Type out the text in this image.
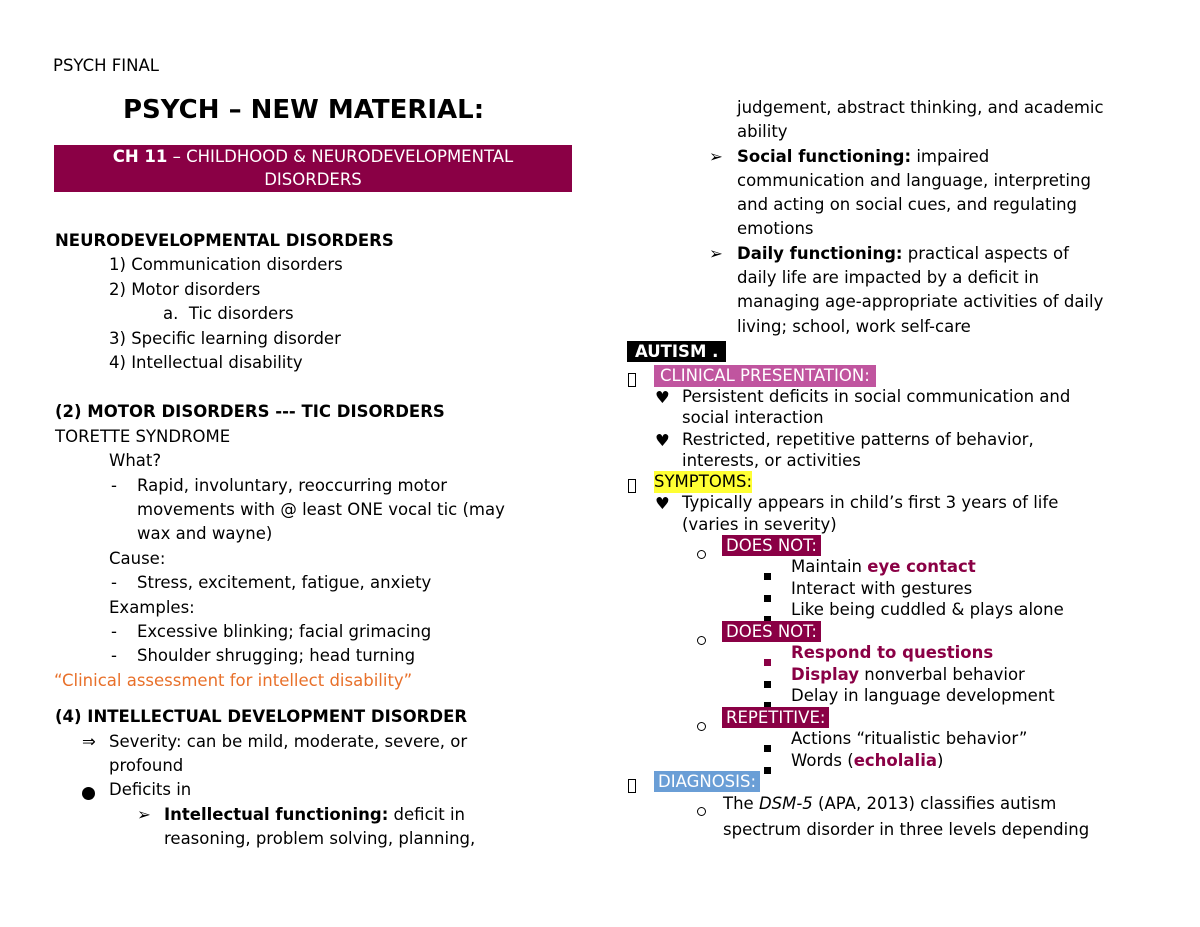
PSYCH FINAL
PSYCH – NEW MATERIAL:
CH 11 – CHILDHOOD & NEURODEVELOPMENTAL
DISORDERS
NEURODEVELOPMENTAL DISORDERS
1) Communication disorders
2) Motor disorders
a. Tic disorders
3) Specific learning disorder
4) Intellectual disability
(2) MOTOR DISORDERS --- TIC DISORDERS
TORETTE SYNDROME
What?
- Rapid, involuntary, reoccurring motor
movements with @ least ONE vocal tic (may
wax and wayne)
Cause:
- Stress, excitement, fatigue, anxiety
Examples:
- Excessive blinking; facial grimacing
- Shoulder shrugging; head turning
“Clinical assessment for intellect disability”
(4) INTELLECTUAL DEVELOPMENT DISORDER
⇒ Severity: can be mild, moderate, severe, or
profound
Deficits in
➢ Intellectual functioning: deficit in
reasoning, problem solving, planning,
judgement, abstract thinking, and academic
ability
➢ Social functioning: impaired
communication and language, interpreting
and acting on social cues, and regulating
emotions
➢ Daily functioning: practical aspects of
daily life are impacted by a deficit in
managing age-appropriate activities of daily
living; school, work self-care
AUTISM .
CLINICAL PRESENTATION:
♥ Persistent deficits in social communication and
social interaction
♥ Restricted, repetitive patterns of behavior,
interests, or activities
SYMPTOMS:
♥ Typically appears in child’s first 3 years of life
(varies in severity)
DOES NOT:
Maintain eye contact
Interact with gestures
Like being cuddled & plays alone
DOES NOT:
Respond to questions
Display nonverbal behavior
Delay in language development
REPETITIVE:
Actions “ritualistic behavior”
Words (echolalia)
DIAGNOSIS:
The DSM-5 (APA, 2013) classifies autism
spectrum disorder in three levels depending
